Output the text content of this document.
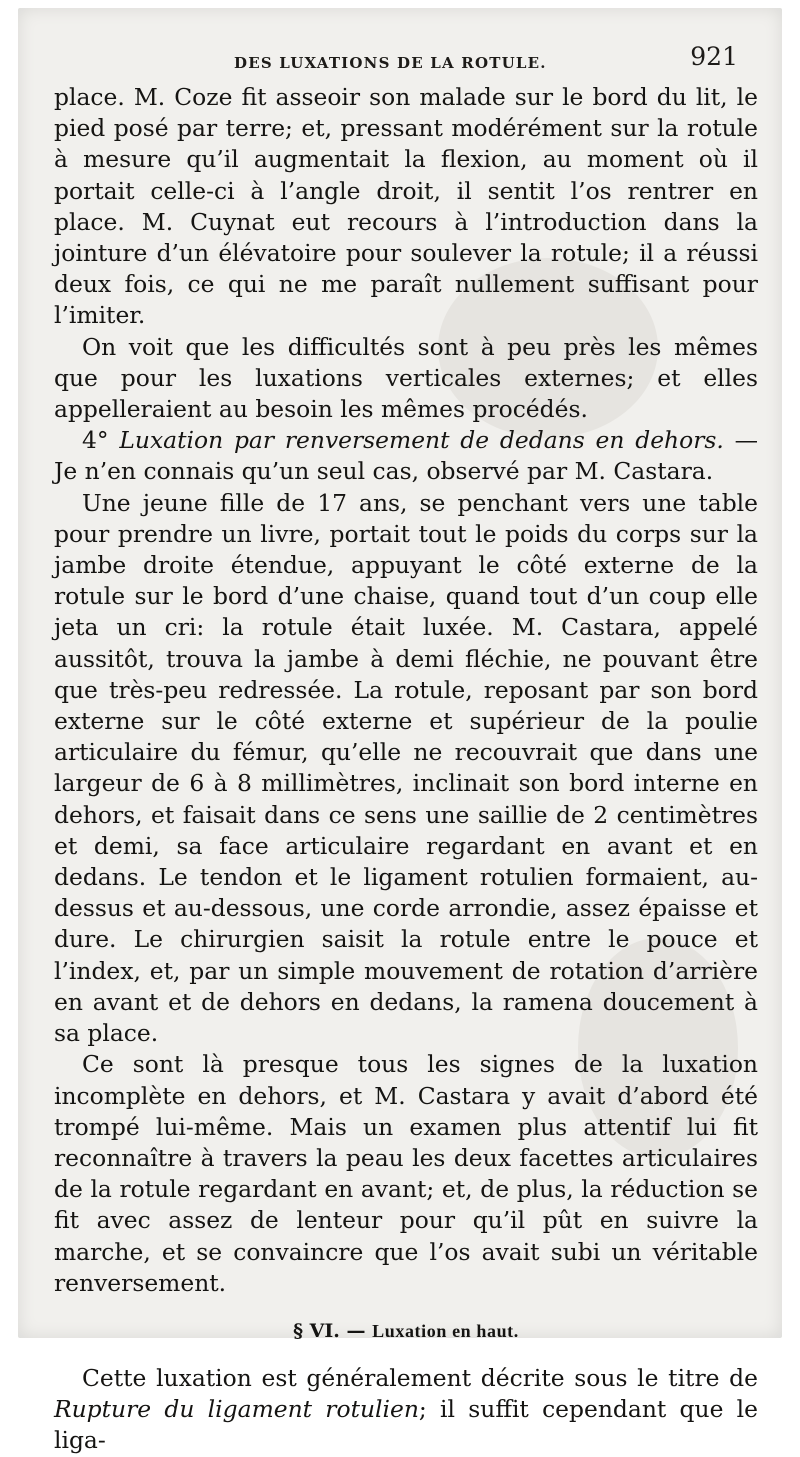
DES LUXATIONS DE LA ROTULE.	921

place. M. Coze fit asseoir son malade sur le bord du lit, le pied posé par terre; et, pressant modérément sur la rotule à mesure qu’il augmentait la flexion, au moment où il portait celle-ci à l’angle droit, il sentit l’os rentrer en place. M. Cuynat eut recours à l’introduction dans la jointure d’un élévatoire pour soulever la rotule; il a réussi deux fois, ce qui ne me paraît nullement suffisant pour l’imiter.

On voit que les difficultés sont à peu près les mêmes que pour les luxations verticales externes; et elles appelleraient au besoin les mêmes procédés.

4° Luxation par renversement de dedans en dehors. — Je n’en connais qu’un seul cas, observé par M. Castara.

Une jeune fille de 17 ans, se penchant vers une table pour prendre un livre, portait tout le poids du corps sur la jambe droite étendue, appuyant le côté externe de la rotule sur le bord d’une chaise, quand tout d’un coup elle jeta un cri: la rotule était luxée. M. Castara, appelé aussitôt, trouva la jambe à demi fléchie, ne pouvant être que très-peu redressée. La rotule, reposant par son bord externe sur le côté externe et supérieur de la poulie articulaire du fémur, qu’elle ne recouvrait que dans une largeur de 6 à 8 millimètres, inclinait son bord interne en dehors, et faisait dans ce sens une saillie de 2 centimètres et demi, sa face articulaire regardant en avant et en dedans. Le tendon et le ligament rotulien formaient, au-dessus et au-dessous, une corde arrondie, assez épaisse et dure. Le chirurgien saisit la rotule entre le pouce et l’index, et, par un simple mouvement de rotation d’arrière en avant et de dehors en dedans, la ramena doucement à sa place.

Ce sont là presque tous les signes de la luxation incomplète en dehors, et M. Castara y avait d’abord été trompé lui-même. Mais un examen plus attentif lui fit reconnaître à travers la peau les deux facettes articulaires de la rotule regardant en avant; et, de plus, la réduction se fit avec assez de lenteur pour qu’il pût en suivre la marche, et se convaincre que l’os avait subi un véritable renversement.

§ VI. — Luxation en haut.

Cette luxation est généralement décrite sous le titre de Rupture du ligament rotulien; il suffit cependant que le liga-
